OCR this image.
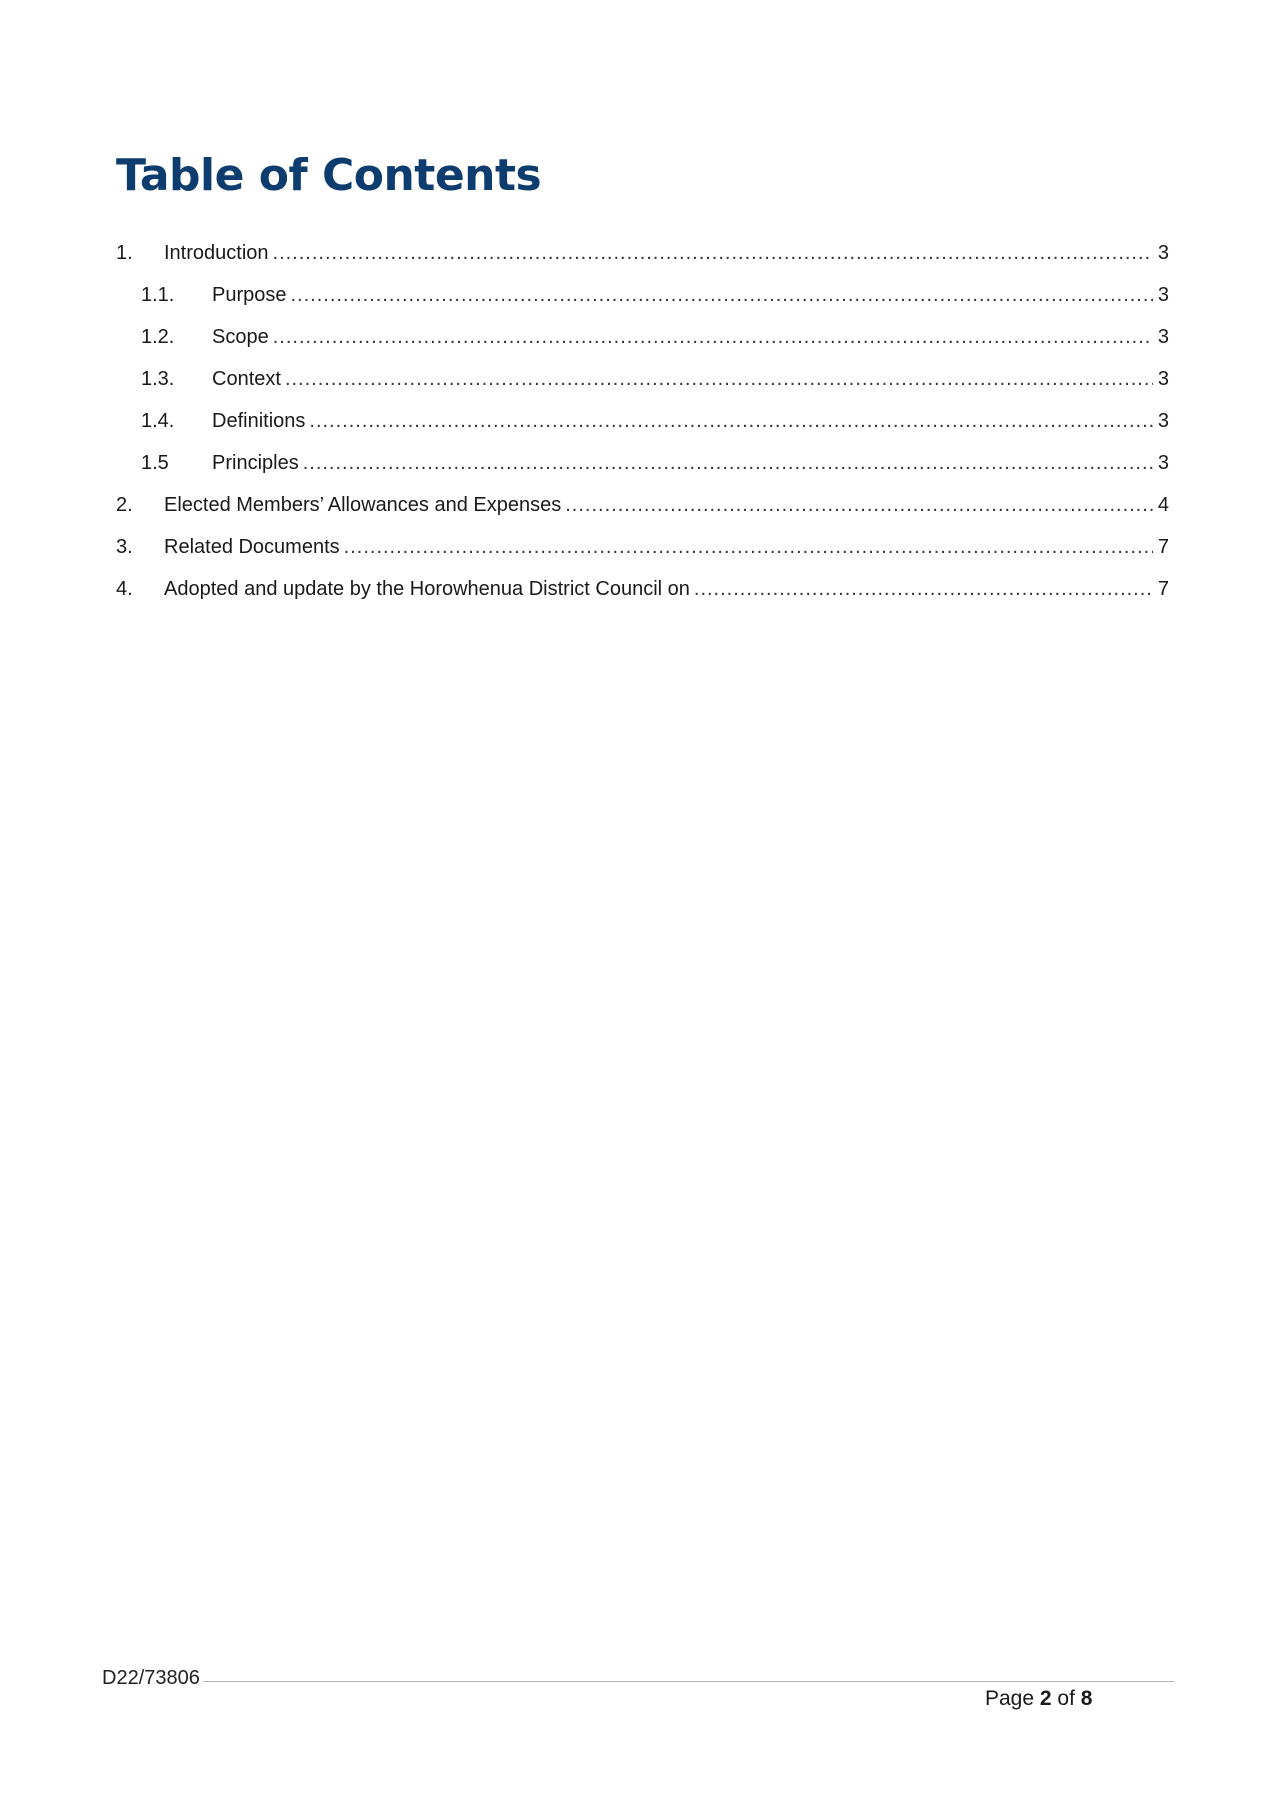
Table of Contents
1.	Introduction .....	3
1.1.	Purpose .....	3
1.2.	Scope .....	3
1.3.	Context .....	3
1.4.	Definitions .....	3
1.5	Principles .....	3
2.	Elected Members’ Allowances and Expenses .....	4
3.	Related Documents .....	7
4.	Adopted and update by the Horowhenua District Council on .....	7
D22/73806
Page 2 of 8
